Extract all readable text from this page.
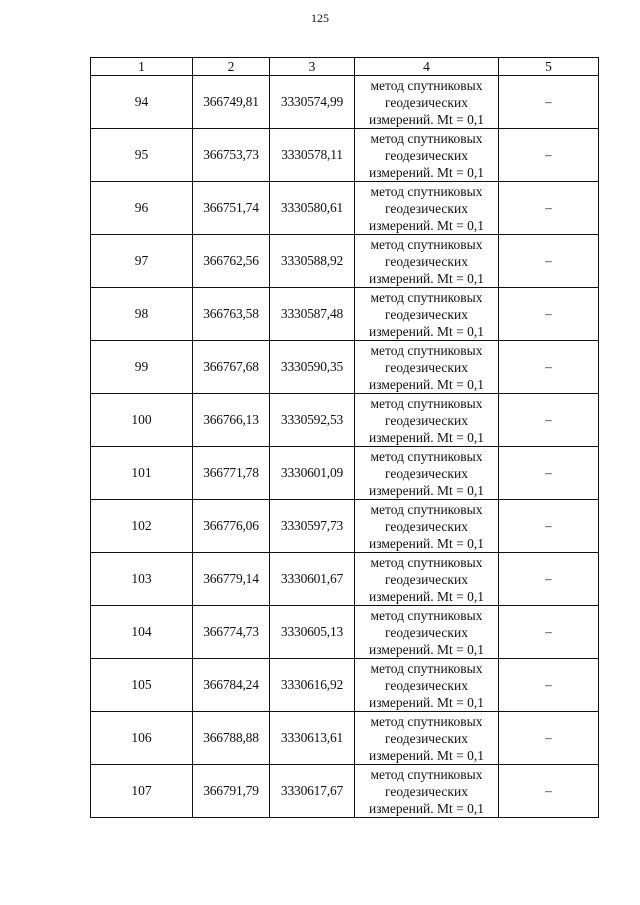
125
1	2	3	4	5
94	366749,81	3330574,99	метод спутниковых
геодезических
измерений. Mt = 0,1	–
95	366753,73	3330578,11	метод спутниковых
геодезических
измерений. Mt = 0,1	–
96	366751,74	3330580,61	метод спутниковых
геодезических
измерений. Mt = 0,1	–
97	366762,56	3330588,92	метод спутниковых
геодезических
измерений. Mt = 0,1	–
98	366763,58	3330587,48	метод спутниковых
геодезических
измерений. Mt = 0,1	–
99	366767,68	3330590,35	метод спутниковых
геодезических
измерений. Mt = 0,1	–
100	366766,13	3330592,53	метод спутниковых
геодезических
измерений. Mt = 0,1	–
101	366771,78	3330601,09	метод спутниковых
геодезических
измерений. Mt = 0,1	–
102	366776,06	3330597,73	метод спутниковых
геодезических
измерений. Mt = 0,1	–
103	366779,14	3330601,67	метод спутниковых
геодезических
измерений. Mt = 0,1	–
104	366774,73	3330605,13	метод спутниковых
геодезических
измерений. Mt = 0,1	–
105	366784,24	3330616,92	метод спутниковых
геодезических
измерений. Mt = 0,1	–
106	366788,88	3330613,61	метод спутниковых
геодезических
измерений. Mt = 0,1	–
107	366791,79	3330617,67	метод спутниковых
геодезических
измерений. Mt = 0,1	–
